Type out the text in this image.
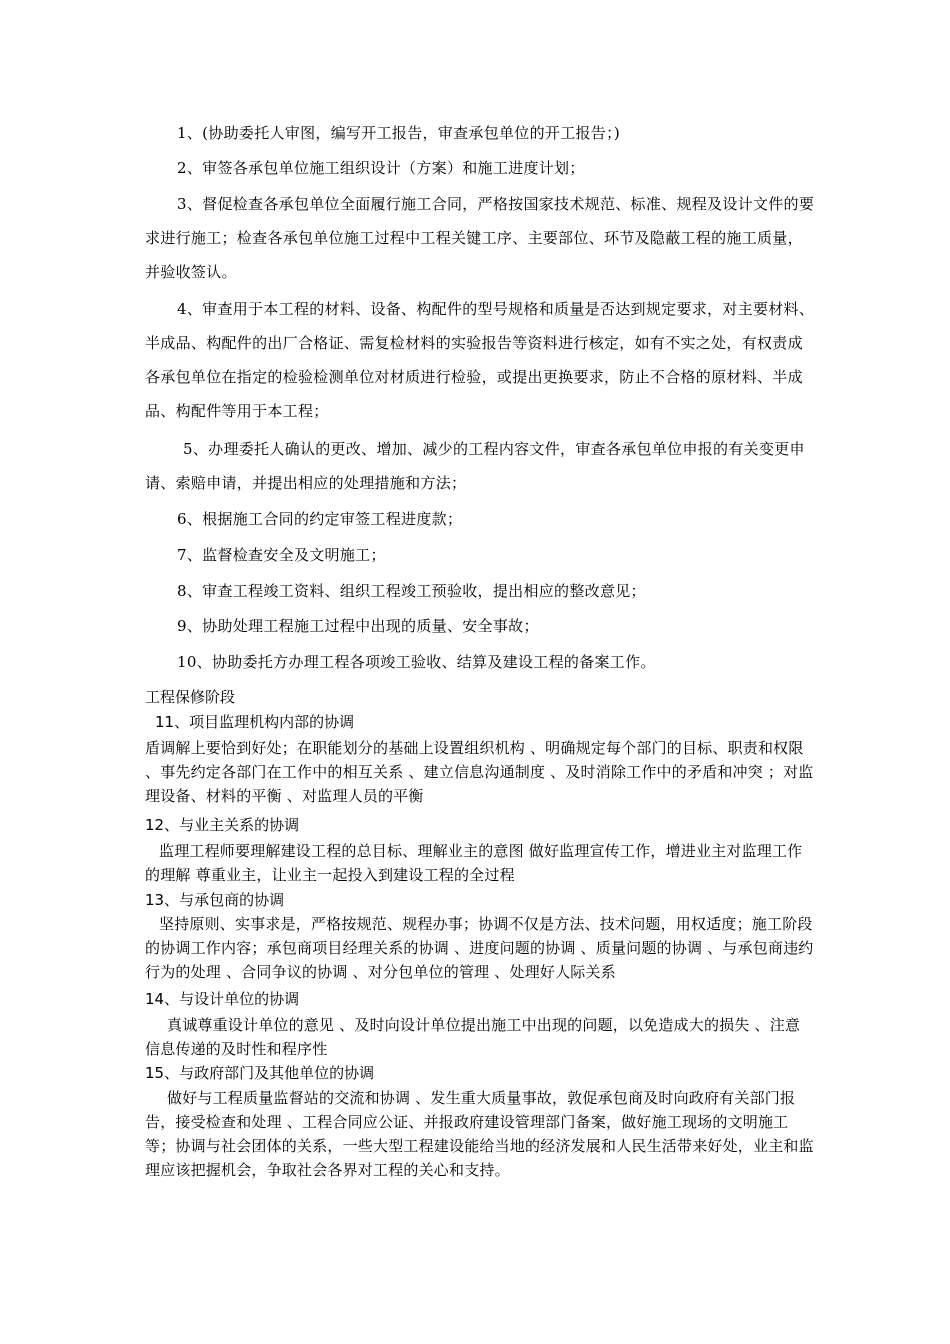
1、(协助委托人审图，编写开工报告，审查承包单位的开工报告；)

2、审签各承包单位施工组织设计（方案）和施工进度计划；

3、督促检查各承包单位全面履行施工合同，严格按国家技术规范、标准、规程及设计文件的要求进行施工；检查各承包单位施工过程中工程关键工序、主要部位、环节及隐蔽工程的施工质量，并验收签认。

4、审查用于本工程的材料、设备、构配件的型号规格和质量是否达到规定要求，对主要材料、半成品、构配件的出厂合格证、需复检材料的实验报告等资料进行核定，如有不实之处，有权责成各承包单位在指定的检验检测单位对材质进行检验，或提出更换要求，防止不合格的原材料、半成品、构配件等用于本工程；

5、办理委托人确认的更改、增加、减少的工程内容文件，审查各承包单位申报的有关变更申请、索赔申请，并提出相应的处理措施和方法；

6、根据施工合同的约定审签工程进度款；

7、监督检查安全及文明施工；

8、审查工程竣工资料、组织工程竣工预验收，提出相应的整改意见；

9、协助处理工程施工过程中出现的质量、安全事故；

10、协助委托方办理工程各项竣工验收、结算及建设工程的备案工作。

工程保修阶段
11、项目监理机构内部的协调

盾调解上要恰到好处；在职能划分的基础上设置组织机构 、明确规定每个部门的目标、职责和权限 、事先约定各部门在工作中的相互关系 、建立信息沟通制度 、及时消除工作中的矛盾和冲突 ；对监理设备、材料的平衡 、对监理人员的平衡

12、与业主关系的协调

监理工程师要理解建设工程的总目标、理解业主的意图 做好监理宣传工作，增进业主对监理工作的理解 尊重业主，让业主一起投入到建设工程的全过程

13、与承包商的协调

坚持原则、实事求是，严格按规范、规程办事；协调不仅是方法、技术问题，用权适度；施工阶段的协调工作内容；承包商项目经理关系的协调 、进度问题的协调 、质量问题的协调 、与承包商违约行为的处理 、合同争议的协调 、对分包单位的管理 、处理好人际关系

14、与设计单位的协调

真诚尊重设计单位的意见 、及时向设计单位提出施工中出现的问题，以免造成大的损失 、注意信息传递的及时性和程序性

15、与政府部门及其他单位的协调

做好与工程质量监督站的交流和协调 、发生重大质量事故，敦促承包商及时向政府有关部门报告，接受检查和处理 、工程合同应公证、并报政府建设管理部门备案，做好施工现场的文明施工等；协调与社会团体的关系，一些大型工程建设能给当地的经济发展和人民生活带来好处，业主和监理应该把握机会，争取社会各界对工程的关心和支持。
